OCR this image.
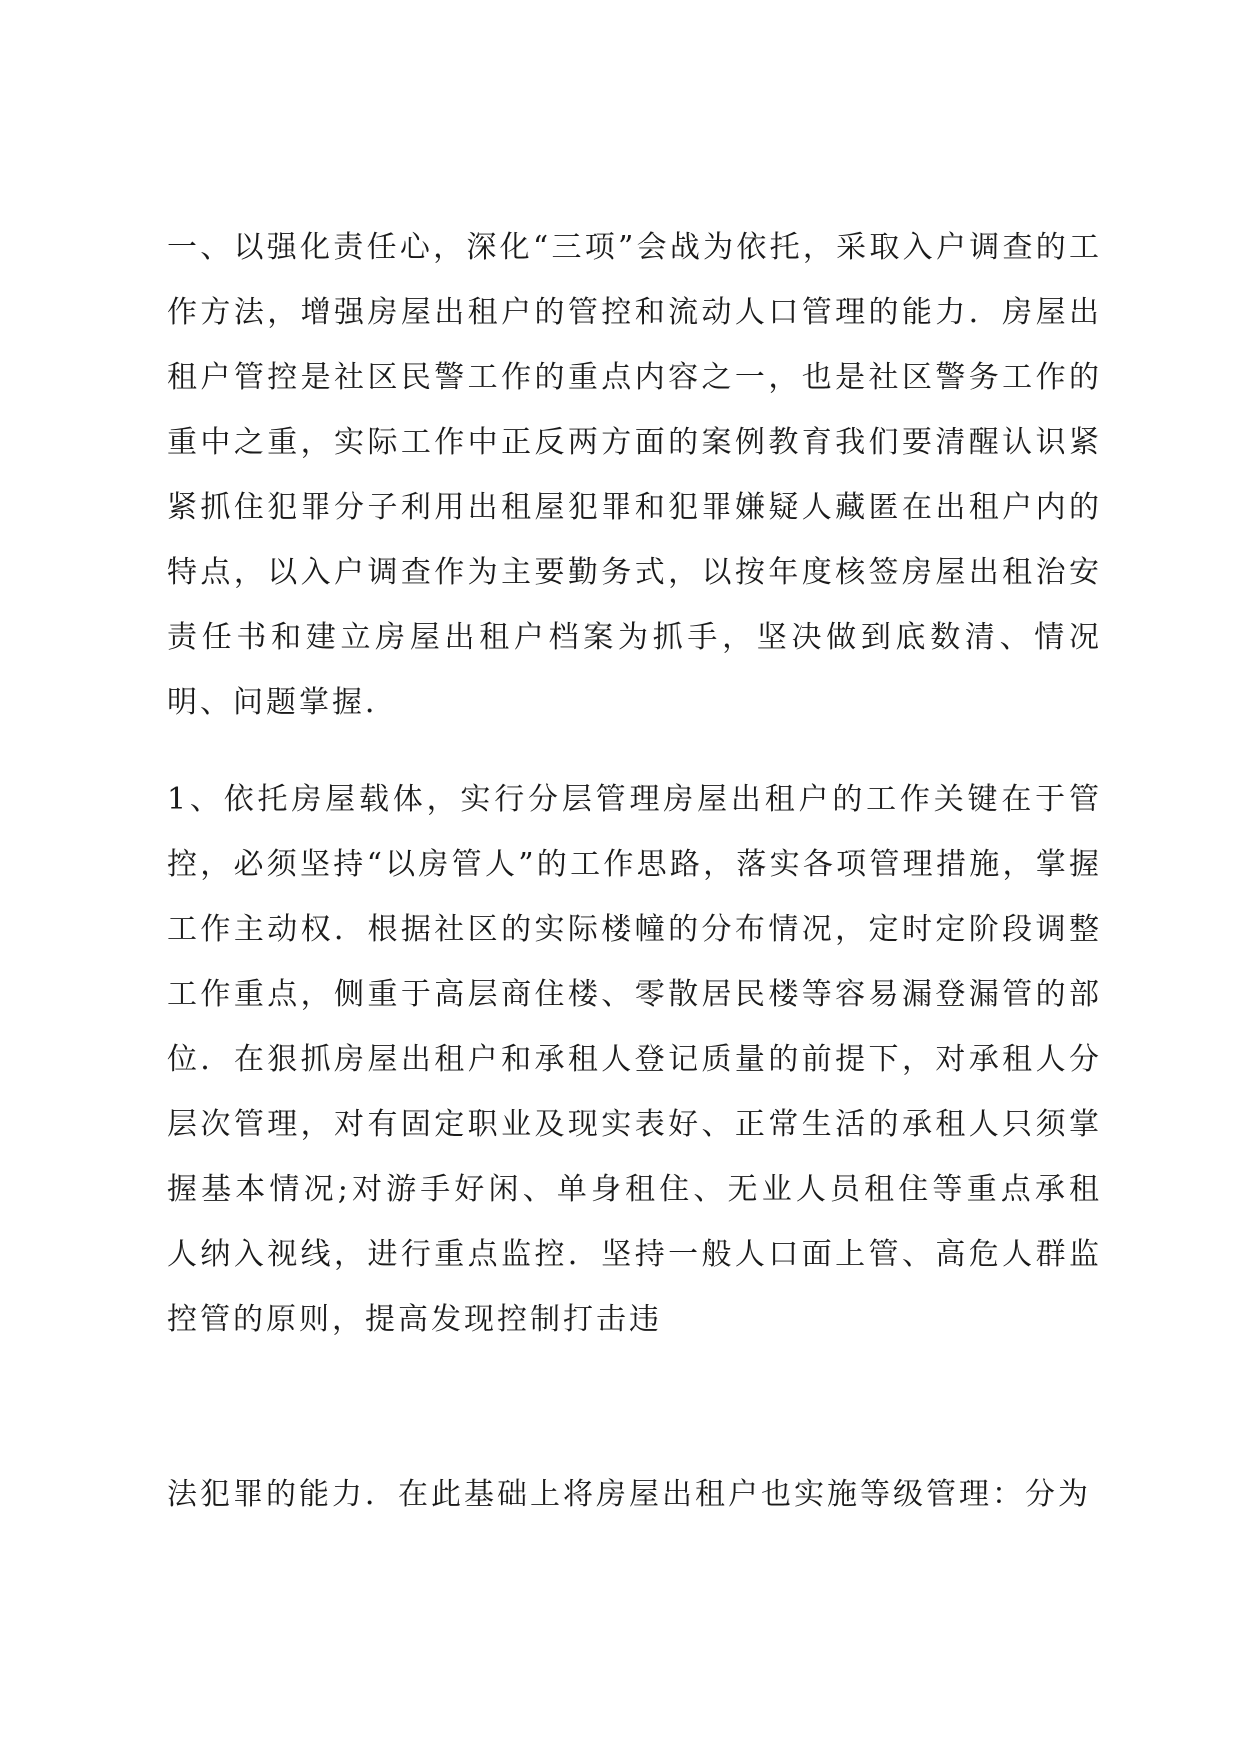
一、以强化责任心，深化“三项”会战为依托，采取入户调查的工作方法，增强房屋出租户的管控和流动人口管理的能力．房屋出租户管控是社区民警工作的重点内容之一，也是社区警务工作的重中之重，实际工作中正反两方面的案例教育我们要清醒认识紧紧抓住犯罪分子利用出租屋犯罪和犯罪嫌疑人藏匿在出租户内的特点，以入户调查作为主要勤务式，以按年度核签房屋出租治安责任书和建立房屋出租户档案为抓手，坚决做到底数清、情况明、问题掌握．

1、依托房屋载体，实行分层管理房屋出租户的工作关键在于管控，必须坚持“以房管人”的工作思路，落实各项管理措施，掌握工作主动权．根据社区的实际楼幢的分布情况，定时定阶段调整工作重点，侧重于高层商住楼、零散居民楼等容易漏登漏管的部位．在狠抓房屋出租户和承租人登记质量的前提下，对承租人分层次管理，对有固定职业及现实表好、正常生活的承租人只须掌握基本情况;对游手好闲、单身租住、无业人员租住等重点承租人纳入视线，进行重点监控．坚持一般人口面上管、高危人群监控管的原则，提高发现控制打击违

法犯罪的能力．在此基础上将房屋出租户也实施等级管理：分为
